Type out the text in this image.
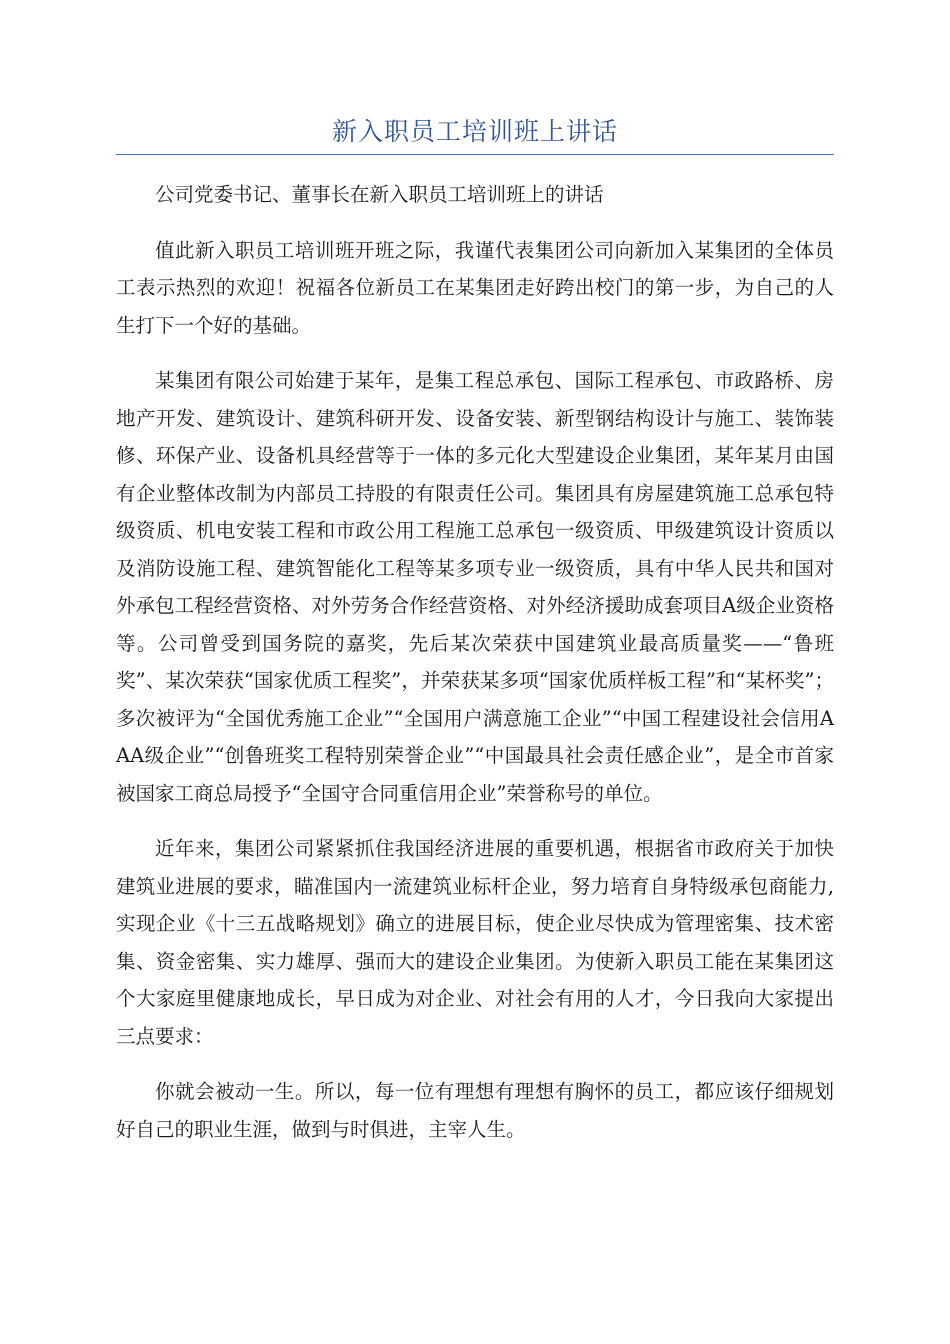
新入职员工培训班上讲话

公司党委书记、董事长在新入职员工培训班上的讲话

值此新入职员工培训班开班之际，我谨代表集团公司向新加入某集团的全体员工表示热烈的欢迎！祝福各位新员工在某集团走好跨出校门的第一步，为自己的人生打下一个好的基础。

某集团有限公司始建于某年，是集工程总承包、国际工程承包、市政路桥、房地产开发、建筑设计、建筑科研开发、设备安装、新型钢结构设计与施工、装饰装修、环保产业、设备机具经营等于一体的多元化大型建设企业集团，某年某月由国有企业整体改制为内部员工持股的有限责任公司。集团具有房屋建筑施工总承包特级资质、机电安装工程和市政公用工程施工总承包一级资质、甲级建筑设计资质以及消防设施工程、建筑智能化工程等某多项专业一级资质，具有中华人民共和国对外承包工程经营资格、对外劳务合作经营资格、对外经济援助成套项目A级企业资格等。公司曾受到国务院的嘉奖，先后某次荣获中国建筑业最高质量奖——“鲁班奖”、某次荣获“国家优质工程奖”，并荣获某多项“国家优质样板工程”和“某杯奖”；多次被评为“全国优秀施工企业”“全国用户满意施工企业”“中国工程建设社会信用AAA级企业”“创鲁班奖工程特别荣誉企业”“中国最具社会责任感企业”，是全市首家被国家工商总局授予“全国守合同重信用企业”荣誉称号的单位。

近年来，集团公司紧紧抓住我国经济进展的重要机遇，根据省市政府关于加快建筑业进展的要求，瞄准国内一流建筑业标杆企业，努力培育自身特级承包商能力,实现企业《十三五战略规划》确立的进展目标，使企业尽快成为管理密集、技术密集、资金密集、实力雄厚、强而大的建设企业集团。为使新入职员工能在某集团这个大家庭里健康地成长，早日成为对企业、对社会有用的人才，今日我向大家提出三点要求：

你就会被动一生。所以，每一位有理想有理想有胸怀的员工，都应该仔细规划好自己的职业生涯，做到与时俱进，主宰人生。
